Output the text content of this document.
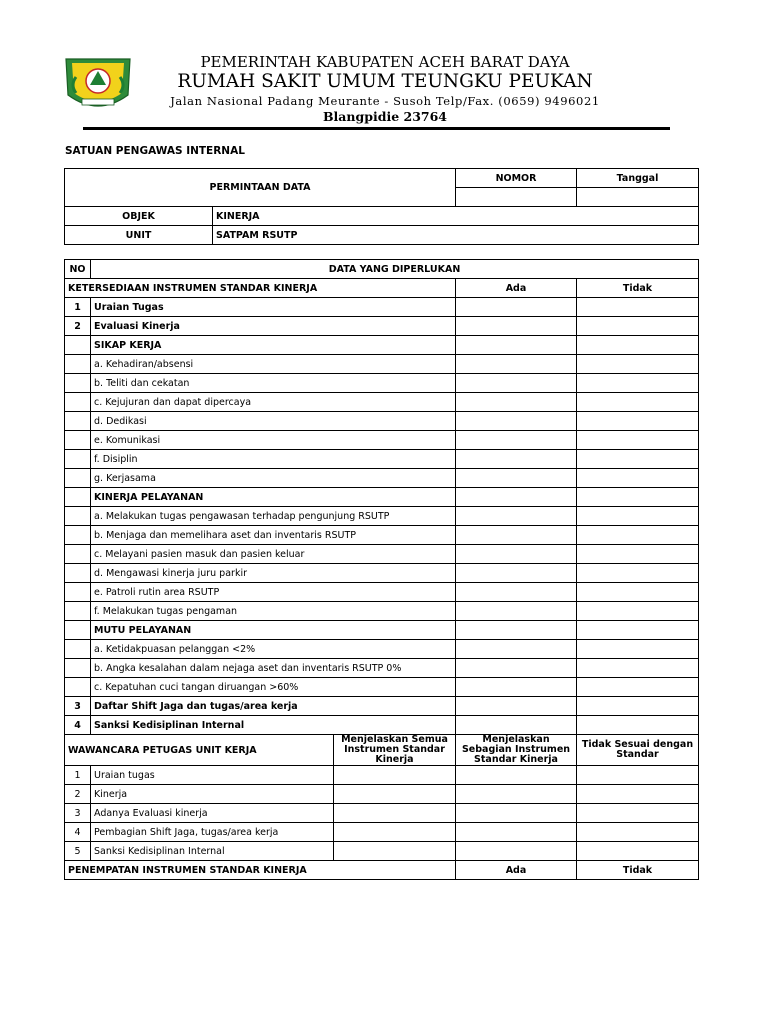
PEMERINTAH KABUPATEN ACEH BARAT DAYA
RUMAH SAKIT UMUM TEUNGKU PEUKAN
Jalan Nasional Padang Meurante - Susoh Telp/Fax. (0659) 9496021
Blangpidie 23764
SATUAN PENGAWAS INTERNAL
PERMINTAAN DATA		NOMOR	Tanggal

OBJEK	KINERJA		
UNIT	SATPAM RSUTP		
NO	DATA YANG DIPERLUKAN			
KETERSEDIAAN INSTRUMEN STANDAR KINERJA			Ada	Tidak
1	Uraian Tugas			
2	Evaluasi Kinerja			
	SIKAP KERJA			
	a. Kehadiran/absensi			
	b. Teliti dan cekatan			
	c. Kejujuran dan dapat dipercaya			
	d. Dedikasi			
	e. Komunikasi			
	f. Disiplin			
	g. Kerjasama			
	KINERJA PELAYANAN			
	a. Melakukan tugas pengawasan terhadap pengunjung RSUTP			
	b. Menjaga dan memelihara aset dan inventaris RSUTP			
	c. Melayani pasien masuk dan pasien keluar			
	d. Mengawasi kinerja juru parkir			
	e. Patroli rutin area RSUTP			
	f. Melakukan tugas pengaman			
	MUTU PELAYANAN			
	a. Ketidakpuasan pelanggan <2%			
	b. Angka kesalahan dalam nejaga aset dan inventaris RSUTP 0%			
	c. Kepatuhan cuci tangan diruangan >60%			
3	Daftar Shift Jaga dan tugas/area kerja			
4	Sanksi Kedisiplinan Internal			
WAWANCARA PETUGAS UNIT KERJA		Menjelaskan Semua Instrumen Standar Kinerja	Menjelaskan Sebagian Instrumen Standar Kinerja	Tidak Sesuai dengan Standar
1	Uraian tugas			
2	Kinerja			
3	Adanya Evaluasi kinerja			
4	Pembagian Shift Jaga, tugas/area kerja			
5	Sanksi Kedisiplinan Internal			
PENEMPATAN INSTRUMEN STANDAR KINERJA			Ada	Tidak
